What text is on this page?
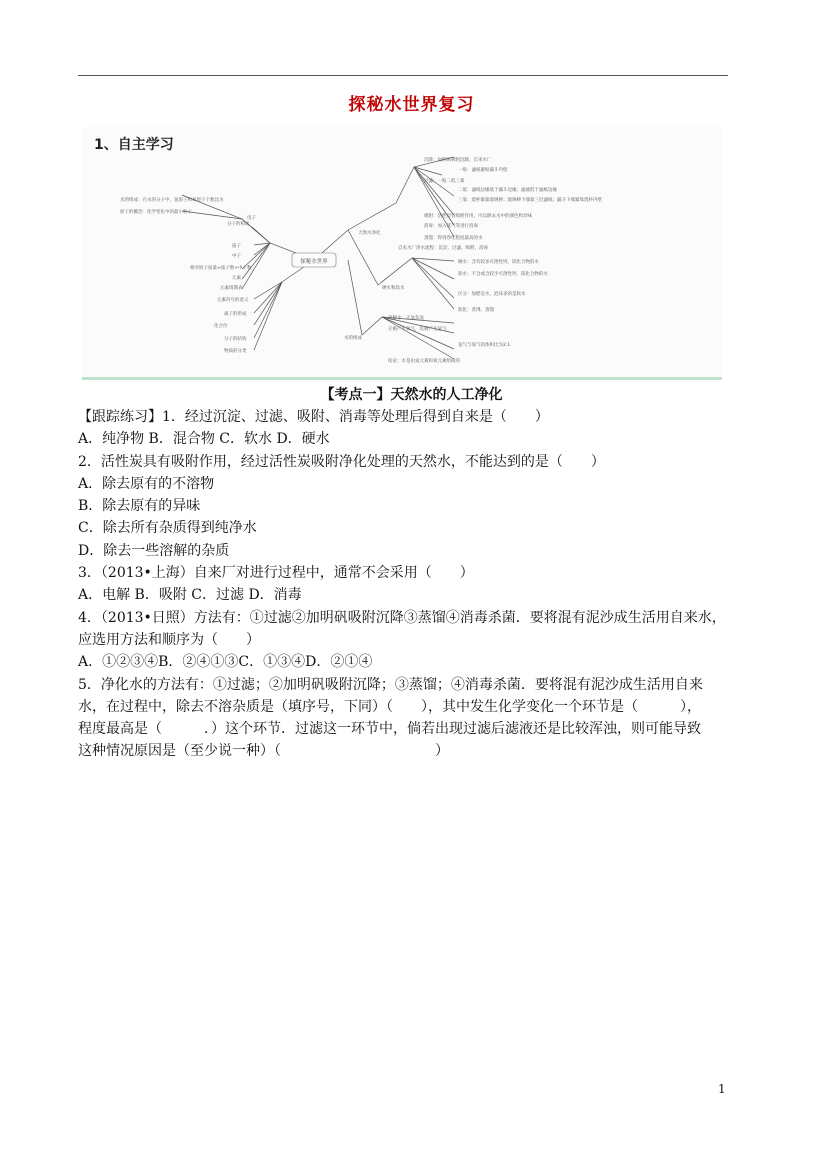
探秘水世界复习
1、自主学习
探秘水世界
分子的构成
水的组成：在水的分子中，氢原子和氧原子个数比为
原子的概念：化学变化中的最小粒子
电子
质子
中子
相对原子质量≈质子数+中子数
元素
元素周期表
元素符号的意义
离子的形成
化合价
分子的结构
物质的分类
天然水净化
沉降：加明矾吸附沉降，自来水厂
过滤：一贴二低三靠
一贴：滤纸紧贴漏斗内壁
二低：滤纸边缘低于漏斗边缘；滤液低于滤纸边缘
三靠：烧杯紧靠玻璃棒；玻璃棒下端靠三层滤纸；漏斗下端紧靠烧杯内壁
吸附：活性炭有吸附作用，可以除去水中的颜色和异味
消毒：加入氯气等进行消毒
蒸馏：得到净化程度最高的水
自来水厂净水流程：沉淀、过滤、吸附、消毒
硬水和软水
硬水：含有较多可溶性钙、镁化合物的水
软水：不含或含较少可溶性钙、镁化合物的水
区分：加肥皂水，泡沫多的是软水
软化：煮沸、蒸馏
水的组成
电解水：正氧负氢
正极产生氧气，负极产生氢气
氢气与氧气的体积比为2:1
结论：水是由氢元素和氧元素组成的
【考点一】天然水的人工净化

【跟踪练习】1．经过沉淀、过滤、吸附、消毒等处理后得到自来是（　　）

A．纯净物 B．混合物 C．软水 D．硬水

2．活性炭具有吸附作用，经过活性炭吸附净化处理的天然水，不能达到的是（　　）

A．除去原有的不溶物

B．除去原有的异味

C．除去所有杂质得到纯净水

D．除去一些溶解的杂质

3．（2013•上海）自来厂对进行过程中，通常不会采用（　　）

A．电解 B．吸附 C．过滤 D．消毒

4．（2013•日照）方法有：①过滤②加明矾吸附沉降③蒸馏④消毒杀菌．要将混有泥沙成生活用自来水，

应选用方法和顺序为（　　）

A．①②③④B．②④①③C．①③④D．②①④

5．净化水的方法有：①过滤；②加明矾吸附沉降；③蒸馏；④消毒杀菌．要将混有泥沙成生活用自来

水，在过程中，除去不溶杂质是（填序号，下同）（　　），其中发生化学变化一个环节是（　　　），

程度最高是（　　　．）这个环节．过滤这一环节中，倘若出现过滤后滤液还是比较浑浊，则可能导致

这种情况原因是（至少说一种）（　　　　　　　　　　　）

1
